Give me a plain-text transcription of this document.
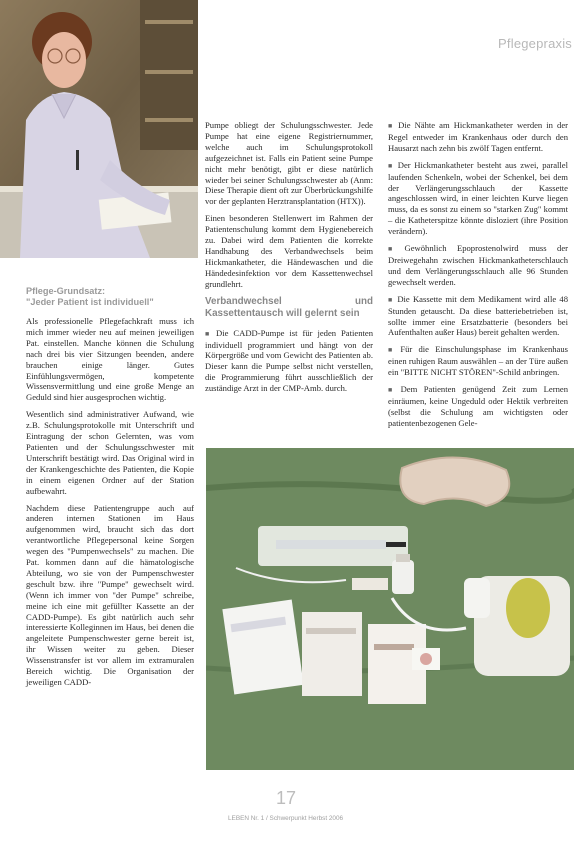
Pflegepraxis
Pflege-Grundsatz:
"Jeder Patient ist individuell"

Als professionelle Pflegefachkraft muss ich mich immer wieder neu auf meinen jeweiligen Pat. einstellen. Manche können die Schulung nach drei bis vier Sitzungen beenden, andere brauchen einige länger. Gutes Einfühlungsvermögen, kompetente Wissensvermittlung und eine große Menge an Geduld sind hier ausgesprochen wichtig.

Wesentlich sind administrativer Aufwand, wie z.B. Schulungsprotokolle mit Unterschrift und Eintragung der schon Gelernten, was vom Patienten und der Schulungsschwester mit Unterschrift bestätigt wird. Das Original wird in der Krankengeschichte des Patienten, die Kopie in einem eigenen Ordner auf der Station aufbewahrt.

Nachdem diese Patientengruppe auch auf anderen internen Stationen im Haus aufgenommen wird, braucht sich das dort verantwortliche Pflegepersonal keine Sorgen wegen des "Pumpenwechsels" zu machen. Die Pat. kommen dann auf die hämatologische Abteilung, wo sie von der Pumpenschwester geschult bzw. ihre "Pumpe" gewechselt wird. (Wenn ich immer von "der Pumpe" schreibe, meine ich eine mit gefüllter Kassette an der CADD-Pumpe). Es gibt natürlich auch sehr interessierte Kolleginnen im Haus, bei denen die angeleitete Pumpenschwester gerne bereit ist, ihr Wissen weiter zu geben. Dieser Wissenstransfer ist vor allem im extramuralen Bereich wichtig. Die Organisation der jeweiligen CADD-

Pumpe obliegt der Schulungsschwester. Jede Pumpe hat eine eigene Registriernummer, welche auch im Schulungsprotokoll aufgezeichnet ist. Falls ein Patient seine Pumpe nicht mehr benötigt, gibt er diese natürlich wieder bei seiner Schulungsschwester ab (Anm: Diese Therapie dient oft zur Überbrückungshilfe vor der geplanten Herztransplantation (HTX)).

Einen besonderen Stellenwert im Rahmen der Patientenschulung kommt dem Hygienebereich zu. Dabei wird dem Patienten die korrekte Handhabung des Verbandwechsels beim Hickmankatheter, die Händewaschen und die Händedesinfektion vor dem Kassettenwechsel grundlehrt.

Verbandwechsel und Kassettentausch will gelernt sein

■ Die CADD-Pumpe ist für jeden Patienten individuell programmiert und hängt von der Körpergröße und vom Gewicht des Patienten ab. Dieser kann die Pumpe selbst nicht verstellen, die Programmierung führt ausschließlich der zuständige Arzt in der CMP-Amb. durch.

■ Die Nähte am Hickmankatheter werden in der Regel entweder im Krankenhaus oder durch den Hausarzt nach zehn bis zwölf Tagen entfernt.

■ Der Hickmankatheter besteht aus zwei, parallel laufenden Schenkeln, wobei der Schenkel, bei dem der Verlängerungsschlauch der Kassette angeschlossen wird, in einer leichten Kurve liegen muss, da es sonst zu einem so "starken Zug" kommt – die Katheterspitze könnte disloziert (ihre Position verändern).

■ Gewöhnlich Epoprostenolwird muss der Dreiwegehahn zwischen Hickmankatheterschlauch und dem Verlängerungsschlauch alle 96 Stunden gewechselt werden.

■ Die Kassette mit dem Medikament wird alle 48 Stunden getauscht. Da diese batteriebetrieben ist, sollte immer eine Ersatzbatterie (besonders bei Aufenthalten außer Haus) bereit gehalten werden.

■ Für die Einschulungsphase im Krankenhaus einen ruhigen Raum auswählen – an der Türe außen ein "BITTE NICHT STÖREN"-Schild anbringen.

■ Dem Patienten genügend Zeit zum Lernen einräumen, keine Ungeduld oder Hektik verbreiten (selbst die Schulung am wichtigsten oder patientenbezogenen Gele-

17
LEBEN Nr. 1 / Schwerpunkt Herbst 2006
